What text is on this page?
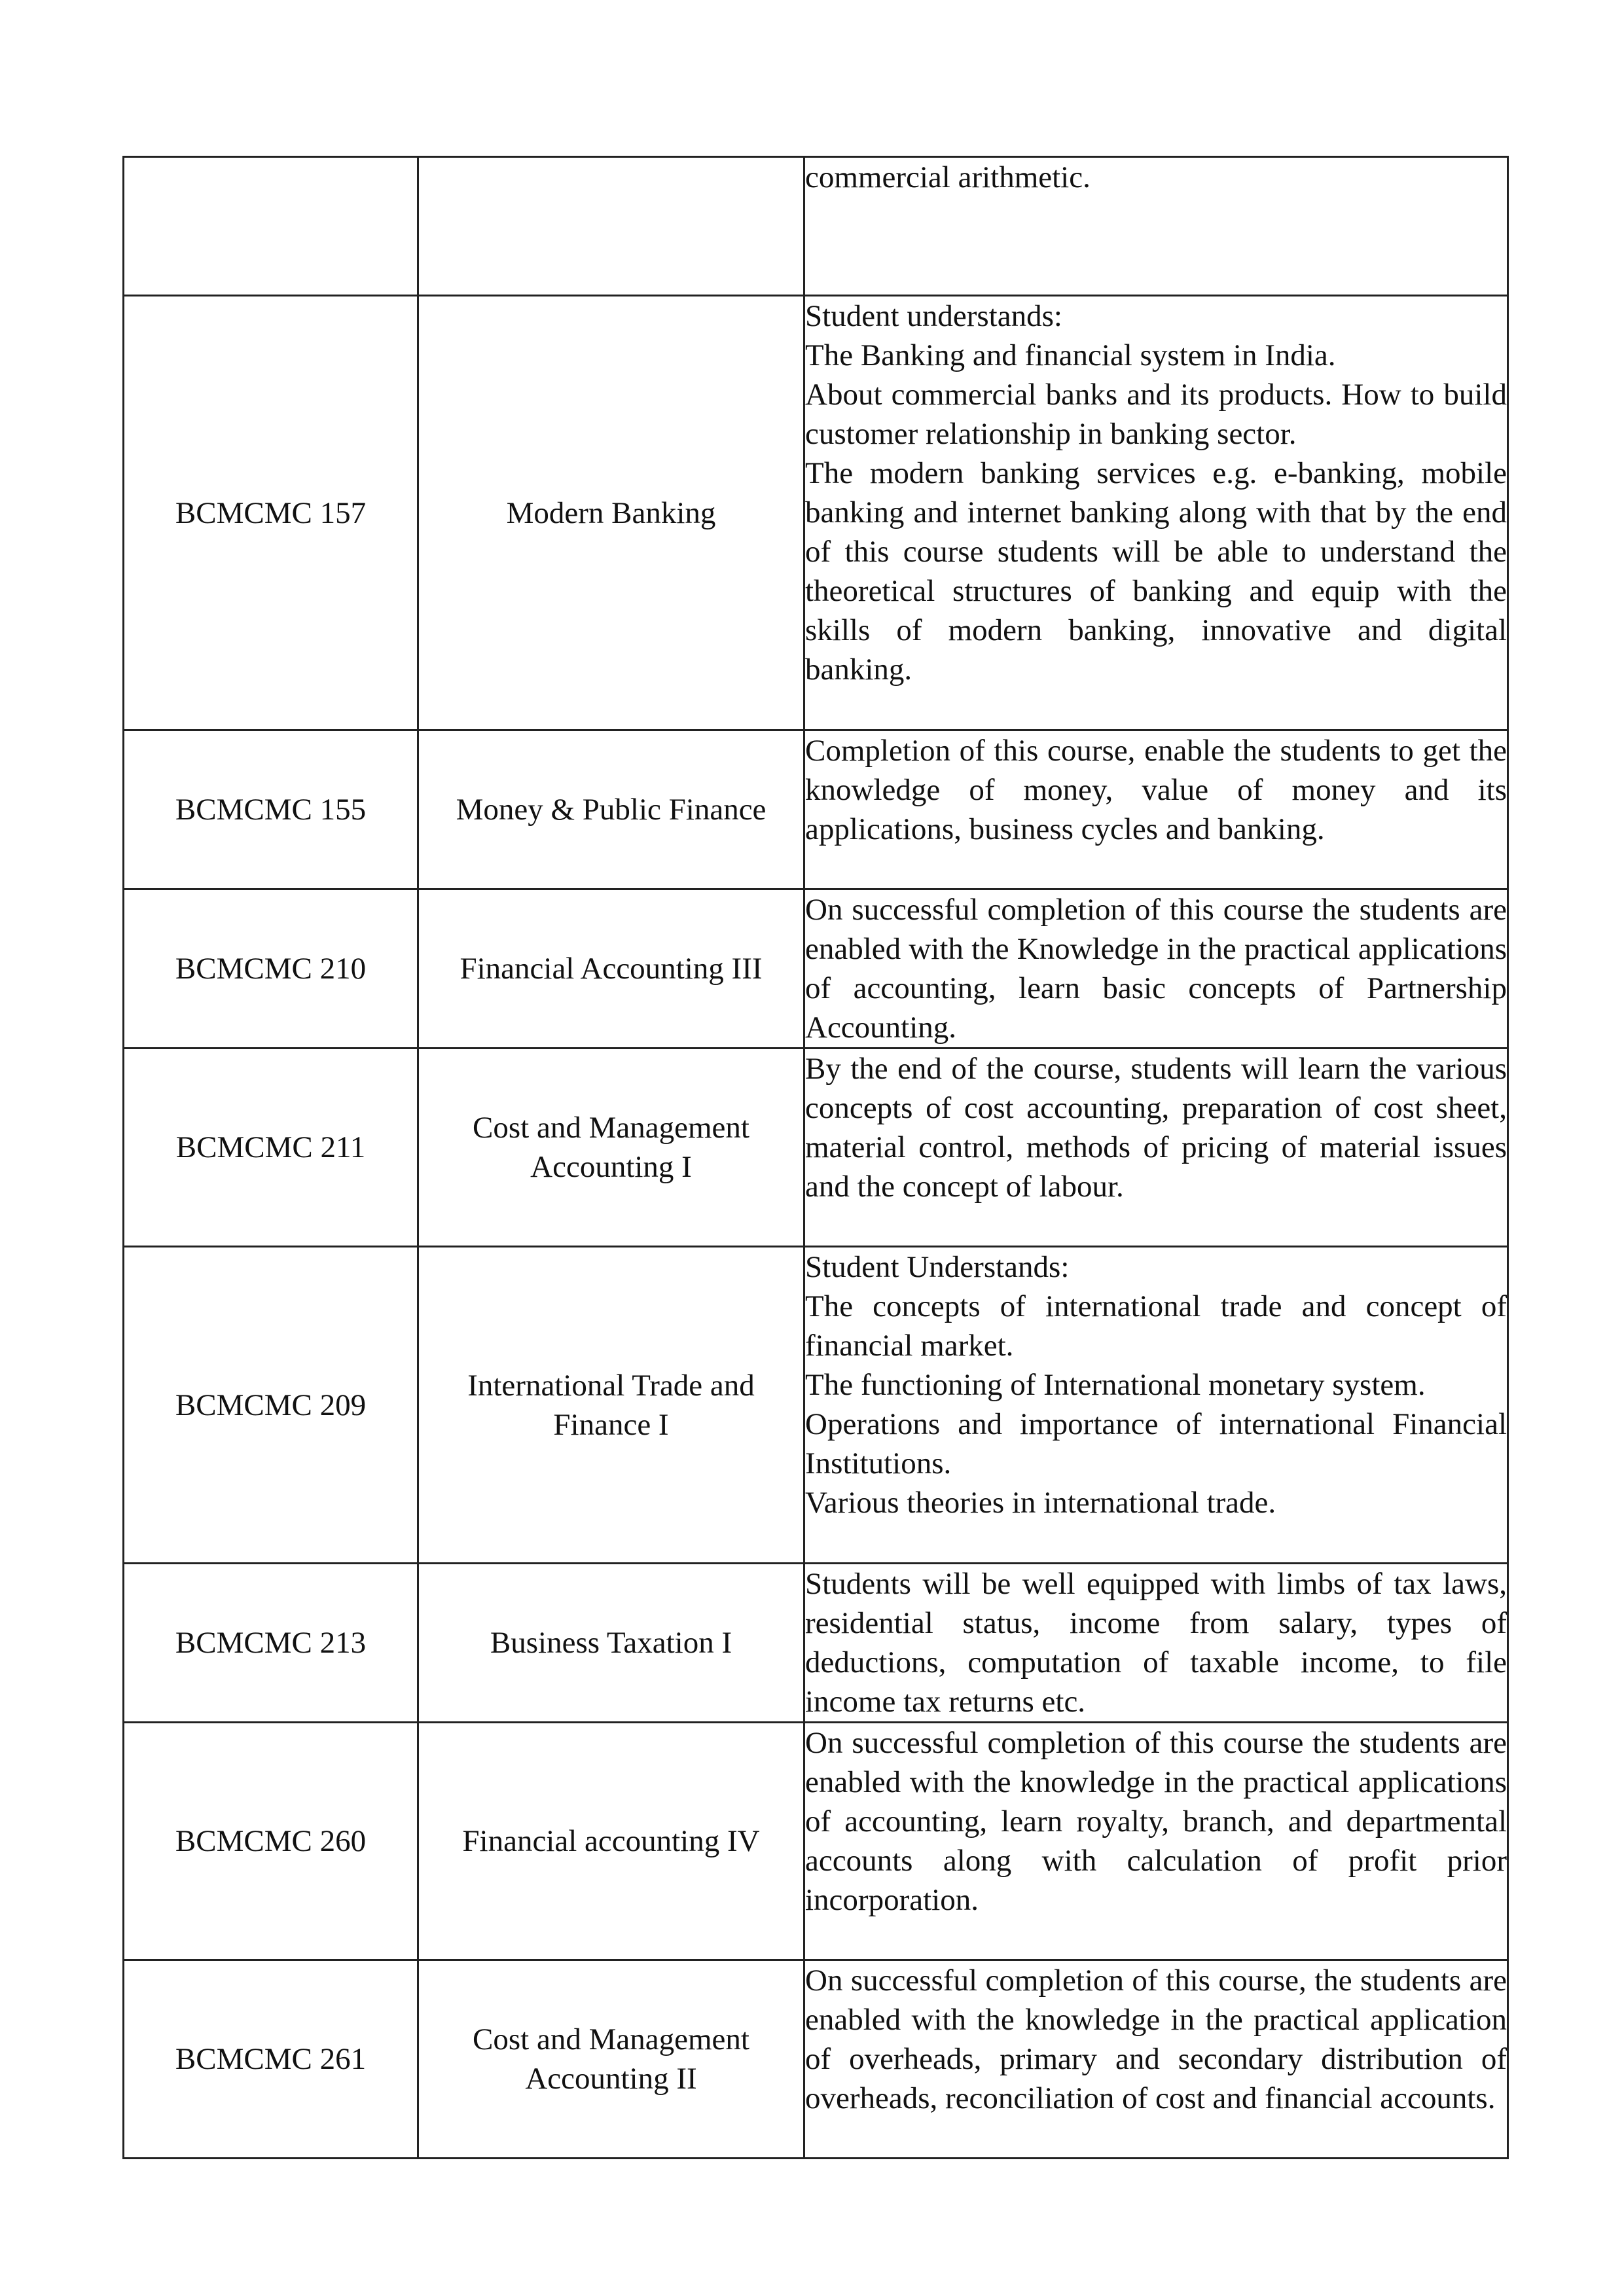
		commercial arithmetic.

BCMCMC 157	Modern Banking	Student understands:
The Banking and financial system in India.
About commercial banks and its products. How to build customer relationship in banking sector.
The modern banking services e.g. e-banking, mobile banking and internet banking along with that by the end of this course students will be able to understand the theoretical structures of banking and equip with the skills of modern banking, innovative and digital banking.

BCMCMC 155	Money & Public Finance	Completion of this course, enable the students to get the knowledge of money, value of money and its applications, business cycles and banking.

BCMCMC 210	Financial Accounting III	On successful completion of this course the students are enabled with the Knowledge in the practical applications of accounting, learn basic concepts of Partnership Accounting.

BCMCMC 211	Cost and Management Accounting I	By the end of the course, students will learn the various concepts of cost accounting, preparation of cost sheet, material control, methods of pricing of material issues and the concept of labour.

BCMCMC 209	International Trade and Finance I	Student Understands:
The concepts of international trade and concept of financial market.
The functioning of International monetary system.
Operations and importance of international Financial Institutions.
Various theories in international trade.

BCMCMC 213	Business Taxation I	Students will be well equipped with limbs of tax laws, residential status, income from salary, types of deductions, computation of taxable income, to file income tax returns etc.

BCMCMC 260	Financial accounting IV	On successful completion of this course the students are enabled with the knowledge in the practical applications of accounting, learn royalty, branch, and departmental accounts along with calculation of profit prior incorporation.

BCMCMC 261	Cost and Management Accounting II	On successful completion of this course, the students are enabled with the knowledge in the practical application of overheads, primary and secondary distribution of overheads, reconciliation of cost and financial accounts.
